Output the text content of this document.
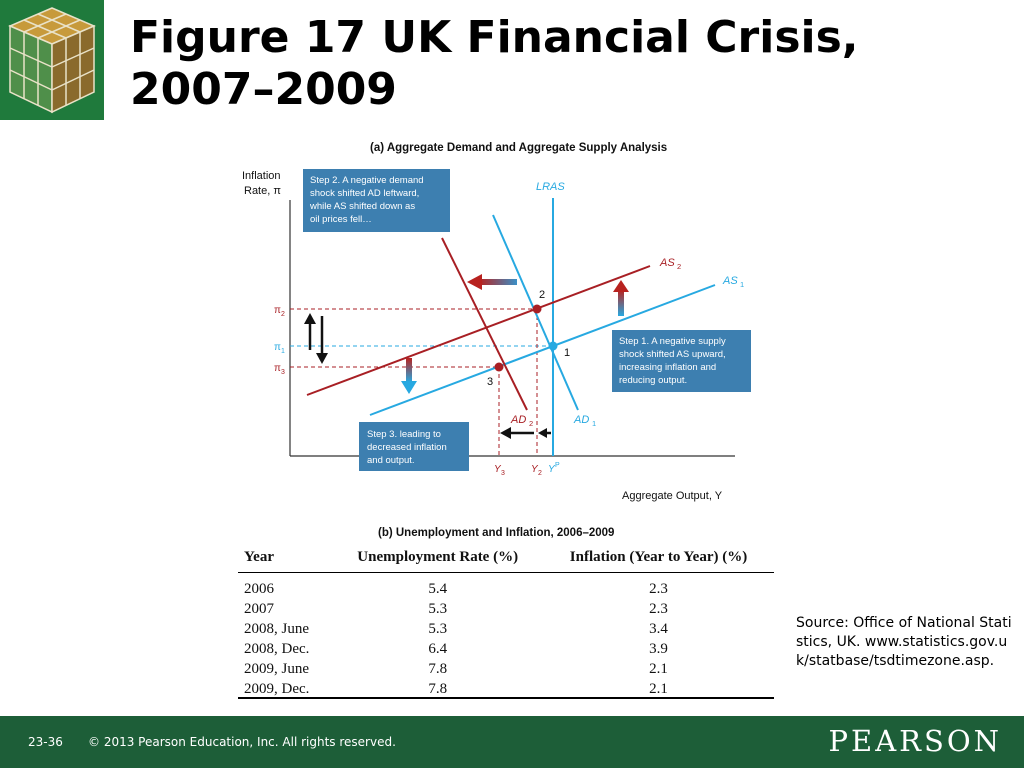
Figure 17 UK Financial Crisis,
2007–2009
(a) Aggregate Demand and Aggregate Supply Analysis
Inflation
Rate, π
Aggregate Output, Y
LRAS
AS 2
AS 1
AD 2	AD 1
1
2
3
π 2
π 1
π 3
Y 3	Y 2 Y P
Step 2. A negative demand
shock shifted AD leftward,
while AS shifted down as
oil prices fell…
Step 1. A negative supply
shock shifted AS upward,
increasing inflation and
reducing output.
Step 3. leading to
decreased inflation
and output.
(b) Unemployment and Inflation, 2006–2009
Year	Unemployment Rate (%)	Inflation (Year to Year) (%)
2006	5.4	2.3
2007	5.3	2.3
2008, June	5.3	3.4
2008, Dec.	6.4	3.9
2009, June	7.8	2.1
2009, Dec.	7.8	2.1
Source: Office of National Statistics, UK. www.statistics.gov.uk/statbase/tsdtimezone.asp.
23-36 © 2013 Pearson Education, Inc. All rights reserved.	PEARSON
